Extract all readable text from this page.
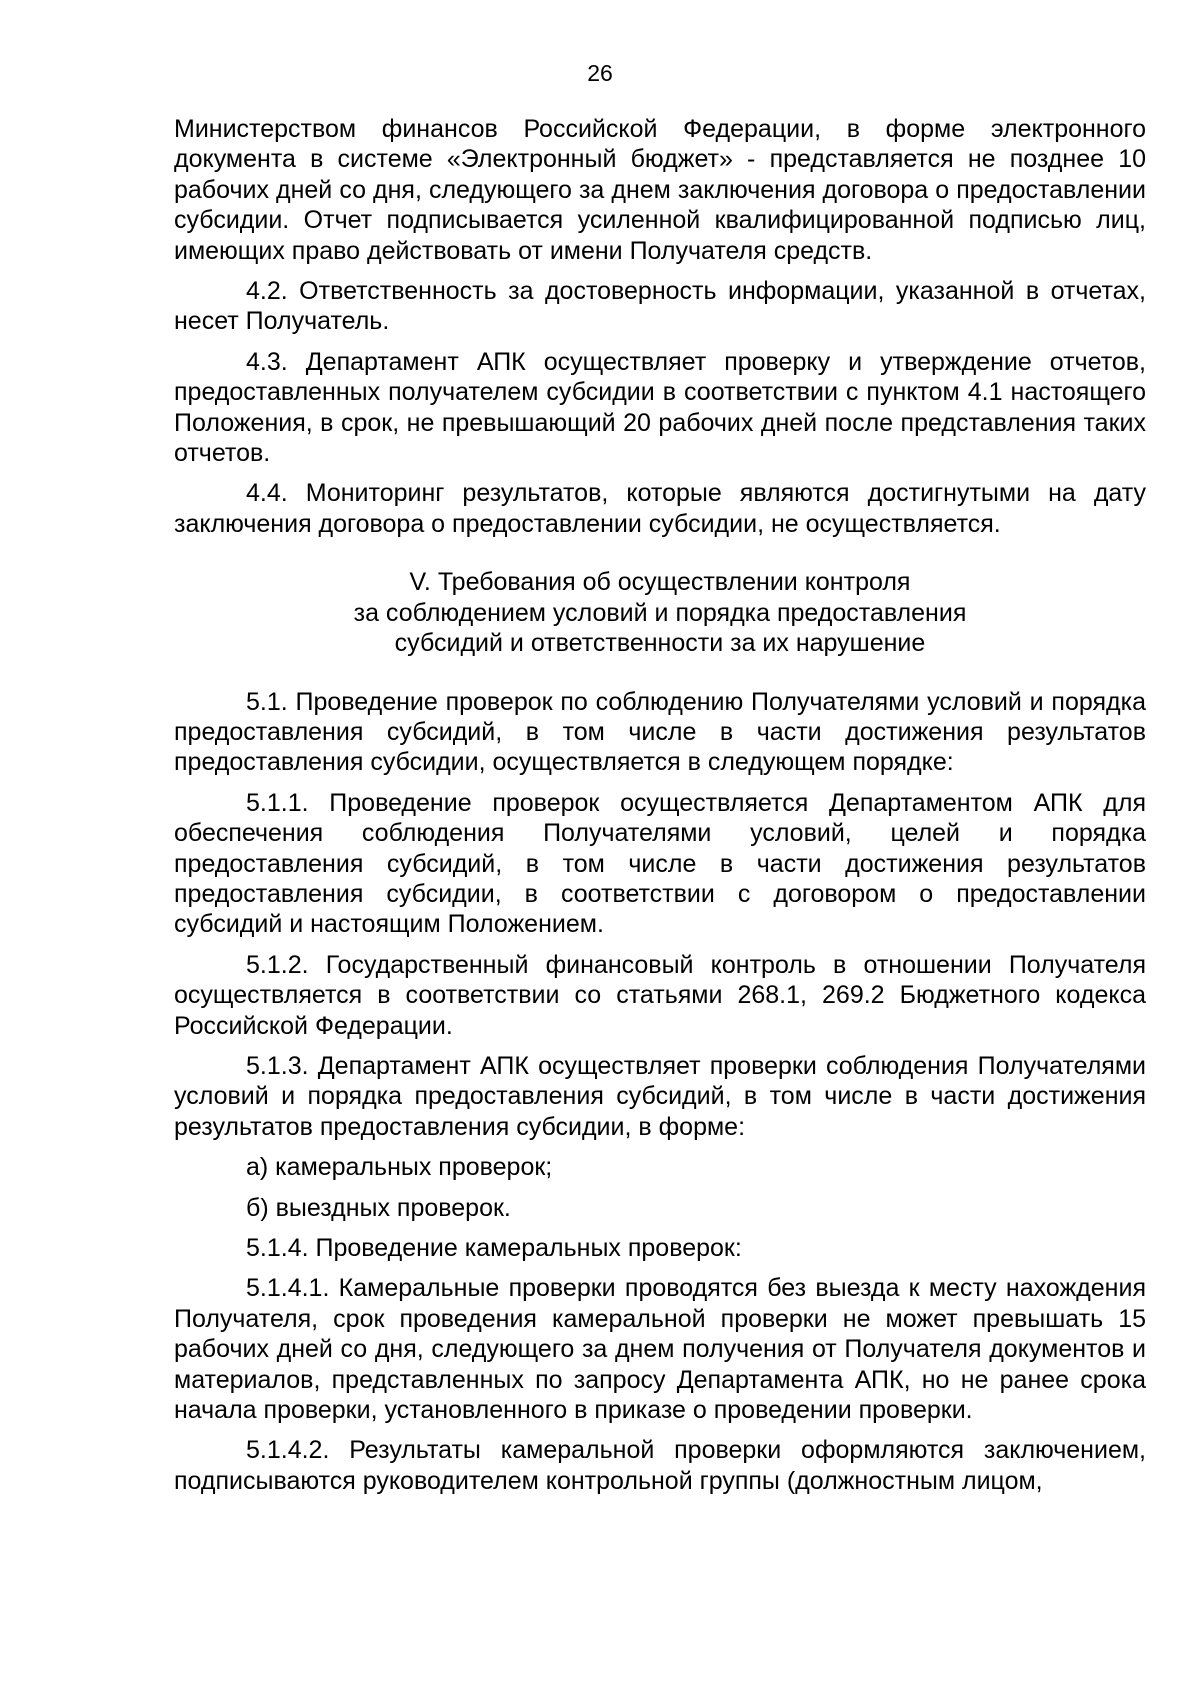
26
Министерством финансов Российской Федерации, в форме электронного документа в системе «Электронный бюджет» - представляется не позднее 10 рабочих дней со дня, следующего за днем заключения договора о предоставлении субсидии. Отчет подписывается усиленной квалифицированной подписью лиц, имеющих право действовать от имени Получателя средств.
4.2. Ответственность за достоверность информации, указанной в отчетах, несет Получатель.
4.3. Департамент АПК осуществляет проверку и утверждение отчетов, предоставленных получателем субсидии в соответствии с пунктом 4.1 настоящего Положения, в срок, не превышающий 20 рабочих дней после представления таких отчетов.
4.4. Мониторинг результатов, которые являются достигнутыми на дату заключения договора о предоставлении субсидии, не осуществляется.
V. Требования об осуществлении контроля
за соблюдением условий и порядка предоставления
субсидий и ответственности за их нарушение
5.1. Проведение проверок по соблюдению Получателями условий и порядка предоставления субсидий, в том числе в части достижения результатов предоставления субсидии, осуществляется в следующем порядке:
5.1.1. Проведение проверок осуществляется Департаментом АПК для обеспечения соблюдения Получателями условий, целей и порядка предоставления субсидий, в том числе в части достижения результатов предоставления субсидии, в соответствии с договором о предоставлении субсидий и настоящим Положением.
5.1.2. Государственный финансовый контроль в отношении Получателя осуществляется в соответствии со статьями 268.1, 269.2 Бюджетного кодекса Российской Федерации.
5.1.3. Департамент АПК осуществляет проверки соблюдения Получателями условий и порядка предоставления субсидий, в том числе в части достижения результатов предоставления субсидии, в форме:
а) камеральных проверок;
б) выездных проверок.
5.1.4. Проведение камеральных проверок:
5.1.4.1. Камеральные проверки проводятся без выезда к месту нахождения Получателя, срок проведения камеральной проверки не может превышать 15 рабочих дней со дня, следующего за днем получения от Получателя документов и материалов, представленных по запросу Департамента АПК, но не ранее срока начала проверки, установленного в приказе о проведении проверки.
5.1.4.2. Результаты камеральной проверки оформляются заключением, подписываются руководителем контрольной группы (должностным лицом,
